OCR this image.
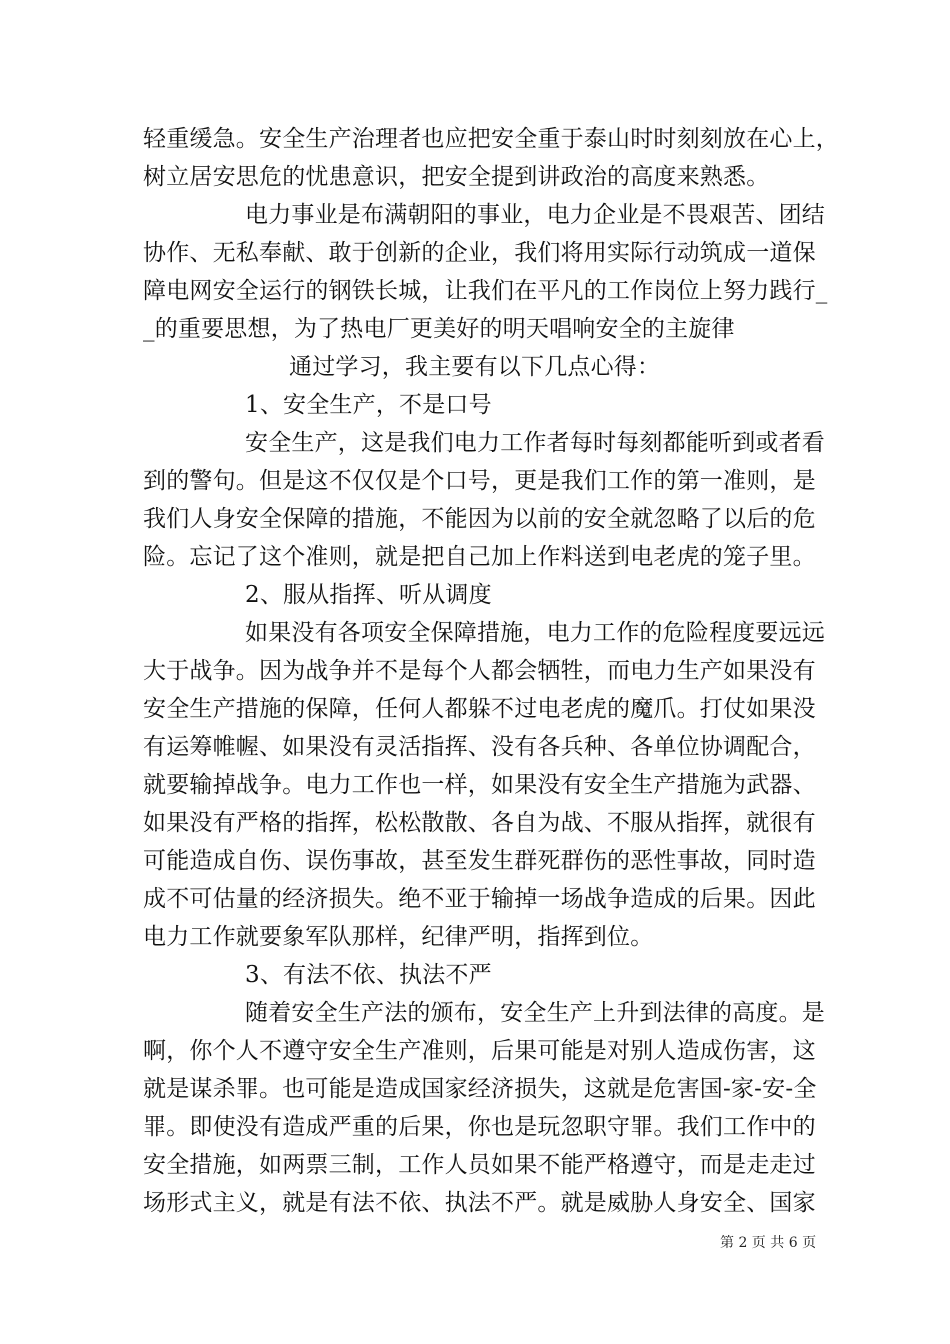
轻重缓急。安全生产治理者也应把安全重于泰山时时刻刻放在心上，
树立居安思危的忧患意识，把安全提到讲政治的高度来熟悉。
电力事业是布满朝阳的事业，电力企业是不畏艰苦、团结
协作、无私奉献、敢于创新的企业，我们将用实际行动筑成一道保
障电网安全运行的钢铁长城，让我们在平凡的工作岗位上努力践行_
_的重要思想，为了热电厂更美好的明天唱响安全的主旋律
通过学习，我主要有以下几点心得：
1、安全生产，不是口号
安全生产，这是我们电力工作者每时每刻都能听到或者看
到的警句。但是这不仅仅是个口号，更是我们工作的第一准则，是
我们人身安全保障的措施，不能因为以前的安全就忽略了以后的危
险。忘记了这个准则，就是把自己加上作料送到电老虎的笼子里。
2、服从指挥、听从调度
如果没有各项安全保障措施，电力工作的危险程度要远远
大于战争。因为战争并不是每个人都会牺牲，而电力生产如果没有
安全生产措施的保障，任何人都躲不过电老虎的魔爪。打仗如果没
有运筹帷幄、如果没有灵活指挥、没有各兵种、各单位协调配合，
就要输掉战争。电力工作也一样，如果没有安全生产措施为武器、
如果没有严格的指挥，松松散散、各自为战、不服从指挥，就很有
可能造成自伤、误伤事故，甚至发生群死群伤的恶性事故，同时造
成不可估量的经济损失。绝不亚于输掉一场战争造成的后果。因此
电力工作就要象军队那样，纪律严明，指挥到位。
3、有法不依、执法不严
随着安全生产法的颁布，安全生产上升到法律的高度。是
啊，你个人不遵守安全生产准则，后果可能是对别人造成伤害，这
就是谋杀罪。也可能是造成国家经济损失，这就是危害国-家-安-全
罪。即使没有造成严重的后果，你也是玩忽职守罪。我们工作中的
安全措施，如两票三制，工作人员如果不能严格遵守，而是走走过
场形式主义，就是有法不依、执法不严。就是威胁人身安全、国家
第 2 页 共 6 页
